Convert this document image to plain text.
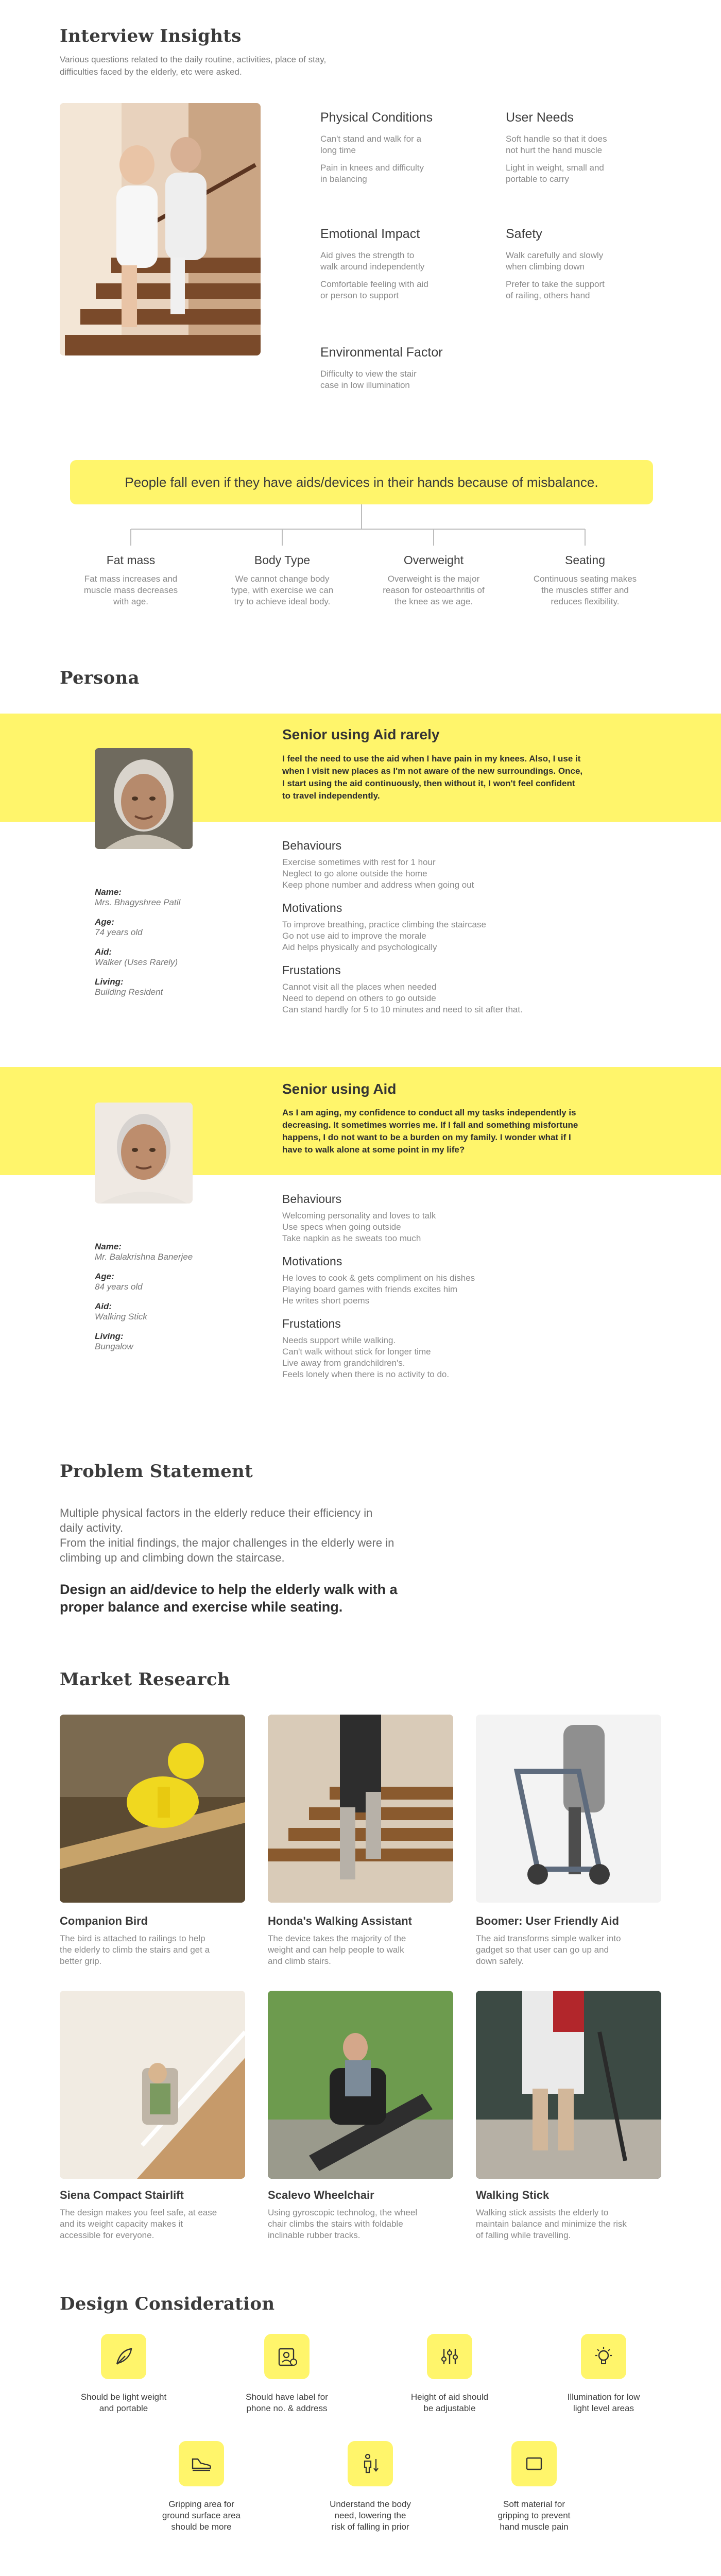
Interview Insights
Various questions related to the daily routine, activities, place of stay,
difficulties faced by the elderly, etc were asked.
Physical Conditions
Can't stand and walk for a
long time
Pain in knees and difficulty
in balancing
User Needs
Soft handle so that it does
not hurt the hand muscle
Light in weight, small and
portable to carry
Emotional Impact
Aid gives the strength to
walk around independently
Comfortable feeling with aid
or person to support
Safety
Walk carefully and slowly
when climbing down
Prefer to take the support
of railing, others hand
Environmental Factor
Difficulty to view the stair
case in low illumination
People fall even if they have aids/devices in their hands because of misbalance.
Fat mass
Fat mass increases and
muscle mass decreases
with age.
Body Type
We cannot change body
type, with exercise we can
try to achieve ideal body.
Overweight
Overweight is the major
reason for osteoarthritis of
the knee as we age.
Seating
Continuous seating makes
the muscles stiffer and
reduces flexibility.
Persona
Senior using Aid rarely
I feel the need to use the aid when I have pain in my knees. Also, I use it
when I visit new places as I'm not aware of the new surroundings. Once,
I start using the aid continuously, then without it, I won't feel confident
to travel independently.
Name:
Mrs. Bhagyshree Patil
Age:
74 years old
Aid:
Walker (Uses Rarely)
Living:
Building Resident
Behaviours
Exercise sometimes with rest for 1 hour
Neglect to go alone outside the home
Keep phone number and address when going out
Motivations
To improve breathing, practice climbing the staircase
Go not use aid to improve the morale
Aid helps physically and psychologically
Frustations
Cannot visit all the places when needed
Need to depend on others to go outside
Can stand hardly for 5 to 10 minutes and need to sit after that.
Senior using Aid
As I am aging, my confidence to conduct all my tasks independently is
decreasing. It sometimes worries me. If I fall and something misfortune
happens, I do not want to be a burden on my family. I wonder what if I
have to walk alone at some point in my life?
Name:
Mr. Balakrishna Banerjee
Age:
84 years old
Aid:
Walking Stick
Living:
Bungalow
Behaviours
Welcoming personality and loves to talk
Use specs when going outside
Take napkin as he sweats too much
Motivations
He loves to cook & gets compliment on his dishes
Playing board games with friends excites him
He writes short poems
Frustations
Needs support while walking.
Can't walk without stick for longer time
Live away from grandchildren's.
Feels lonely when there is no activity to do.
Problem Statement
Multiple physical factors in the elderly reduce their efficiency in
daily activity.
From the initial findings, the major challenges in the elderly were in
climbing up and climbing down the staircase.
Design an aid/device to help the elderly walk with a
proper balance and exercise while seating.
Market Research
Companion Bird
The bird is attached to railings to help
the elderly to climb the stairs and get a
better grip.
Honda's Walking Assistant
The device takes the majority of the
weight and can help people to walk
and climb stairs.
Boomer: User Friendly Aid
The aid transforms simple walker into
gadget so that user can go up and
down safely.
Siena Compact Stairlift
The design makes you feel safe, at ease
and its weight capacity makes it
accessible for everyone.
Scalevo Wheelchair
Using gyroscopic technolog, the wheel
chair climbs the stairs with foldable
inclinable rubber tracks.
Walking Stick
Walking stick assists the elderly to
maintain balance and minimize the risk
of falling while travelling.
Design Consideration
Should be light weight
and portable
Should have label for
phone no. & address
Height of aid should
be adjustable
Illumination for low
light level areas
Gripping area for
ground surface area
should be more
Understand the body
need, lowering the
risk of falling in prior
Soft material for
gripping to prevent
hand muscle pain
